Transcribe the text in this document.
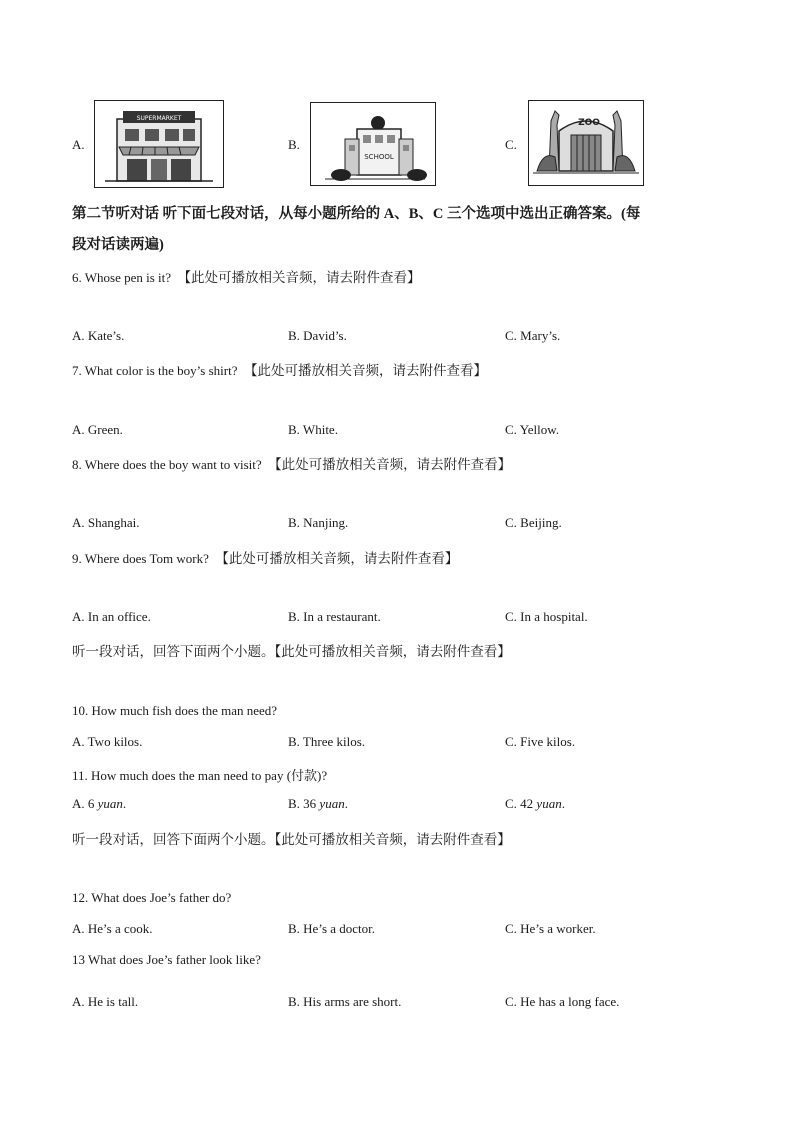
A.
SUPERMARKET
B.
SCHOOL
C.
ZOO
第二节听对话 听下面七段对话，从每小题所给的 A、B、C 三个选项中选出正确答案。(每
段对话读两遍)
6. Whose pen is it? 【此处可播放相关音频，请去附件查看】
A. Kate’s.	B. David’s.	C. Mary’s.
7. What color is the boy’s shirt? 【此处可播放相关音频，请去附件查看】
A. Green.	B. White.	C. Yellow.
8. Where does the boy want to visit? 【此处可播放相关音频，请去附件查看】
A. Shanghai.	B. Nanjing.	C. Beijing.
9. Where does Tom work? 【此处可播放相关音频，请去附件查看】
A. In an office.	B. In a restaurant.	C. In a hospital.
听一段对话，回答下面两个小题。【此处可播放相关音频，请去附件查看】
10. How much fish does the man need?
A. Two kilos.	B. Three kilos.	C. Five kilos.
11. How much does the man need to pay (付款)?
A. 6 yuan.	B. 36 yuan.	C. 42 yuan.
听一段对话，回答下面两个小题。【此处可播放相关音频，请去附件查看】
12. What does Joe’s father do?
A. He’s a cook.	B. He’s a doctor.	C. He’s a worker.
13 What does Joe’s father look like?
A. He is tall.	B. His arms are short.	C. He has a long face.
